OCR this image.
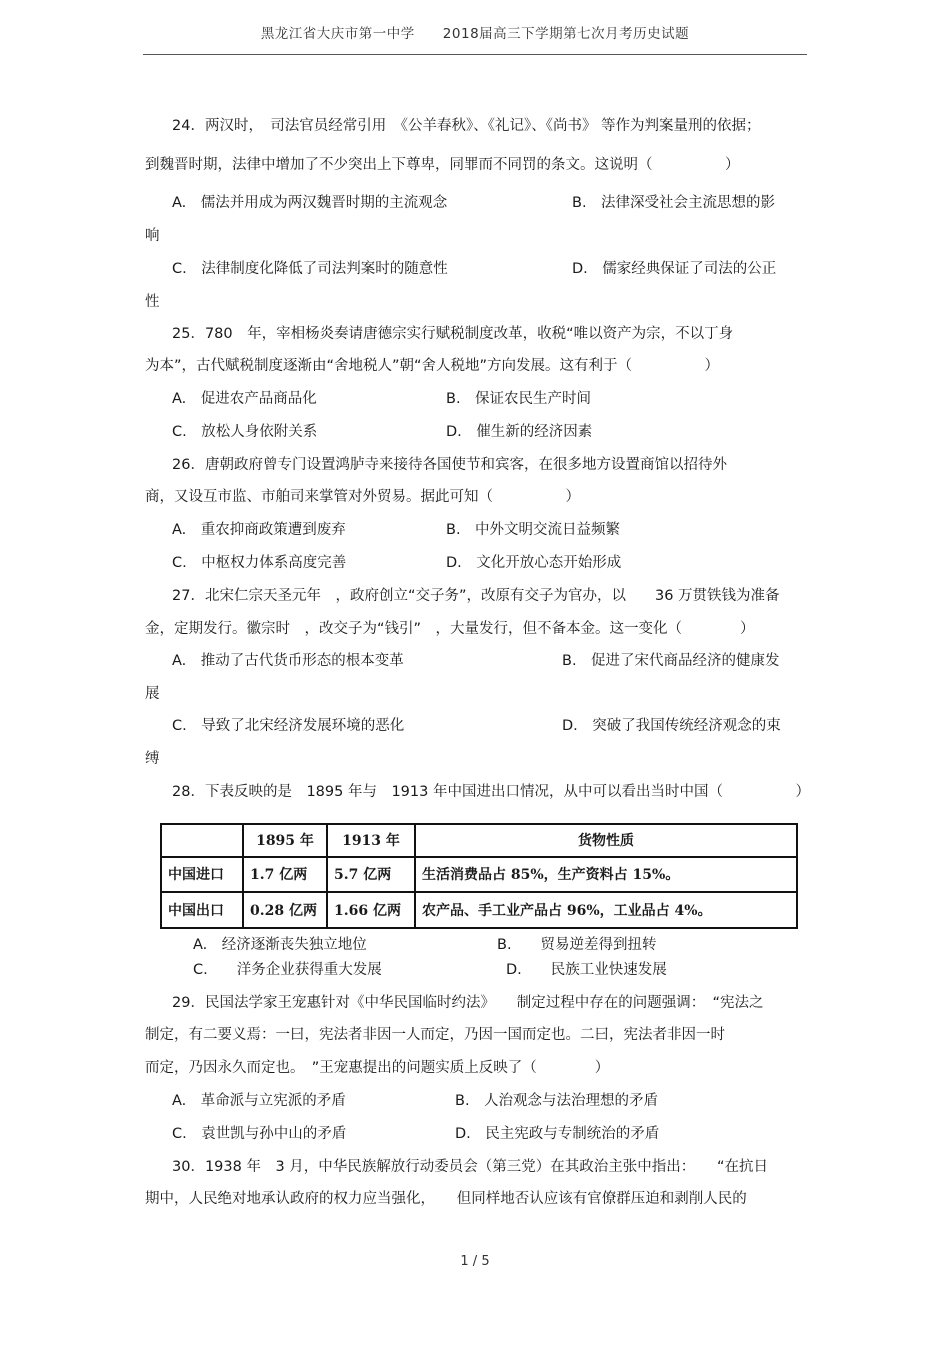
黑龙江省大庆市第一中学　　2018届高三下学期第七次月考历史试题
24．两汉时，　司法官员经常引用　《公羊春秋》、《礼记》、《尚书》 等作为判案量刑的依据；
到魏晋时期，法律中增加了不少突出上下尊卑，同罪而不同罚的条文。这说明（　　　　　）
A.　儒法并用成为两汉魏晋时期的主流观念	B.　法律深受社会主流思想的影
响
C.　法律制度化降低了司法判案时的随意性	D.　儒家经典保证了司法的公正
性
25．780　年，宰相杨炎奏请唐德宗实行赋税制度改革，收税“唯以资产为宗，不以丁身
为本”，古代赋税制度逐渐由“舍地税人”朝“舍人税地”方向发展。这有利于（　　　　　）
A.　促进农产品商品化	B.　保证农民生产时间
C.　放松人身依附关系	D.　催生新的经济因素
26．唐朝政府曾专门设置鸿胪寺来接待各国使节和宾客，在很多地方设置商馆以招待外
商，又设互市监、市舶司来掌管对外贸易。据此可知（　　　　　）
A.　重农抑商政策遭到废弃	B.　中外文明交流日益频繁
C.　中枢权力体系高度完善	D.　文化开放心态开始形成
27．北宋仁宗天圣元年　，政府创立“交子务”，改原有交子为官办，以　　36 万贯铁钱为准备
金，定期发行。徽宗时　，改交子为“钱引”　，大量发行，但不备本金。这一变化（　　　　）
A.　推动了古代货币形态的根本变革	B.　促进了宋代商品经济的健康发
展
C.　导致了北宋经济发展环境的恶化	D.　突破了我国传统经济观念的束
缚
28．下表反映的是　1895 年与　1913 年中国进出口情况，从中可以看出当时中国（　　　　　）
A.　经济逐渐丧失独立地位	B.　　贸易逆差得到扭转
C.　　洋务企业获得重大发展	D.　　民族工业快速发展
29．民国法学家王宠惠针对《中华民国临时约法》　　制定过程中存在的问题强调：　“宪法之
制定，有二要义焉：一曰，宪法者非因一人而定，乃因一国而定也。二曰，宪法者非因一时
而定，乃因永久而定也。　”王宠惠提出的问题实质上反映了（　　　　）
A.　革命派与立宪派的矛盾	B.　人治观念与法治理想的矛盾
C.　袁世凯与孙中山的矛盾	D.　民主宪政与专制统治的矛盾
30．1938 年　3 月，中华民族解放行动委员会（第三党）在其政治主张中指出：　　“在抗日
期中，人民绝对地承认政府的权力应当强化，　　但同样地否认应该有官僚群压迫和剥削人民的
	1895 年	1913 年	货物性质
中国进口	1.7 亿两	5.7 亿两	生活消费品占 85%，生产资料占 15%。
中国出口	0.28 亿两	1.66 亿两	农产品、手工业产品占 96%，工业品占 4%。
1 / 5
